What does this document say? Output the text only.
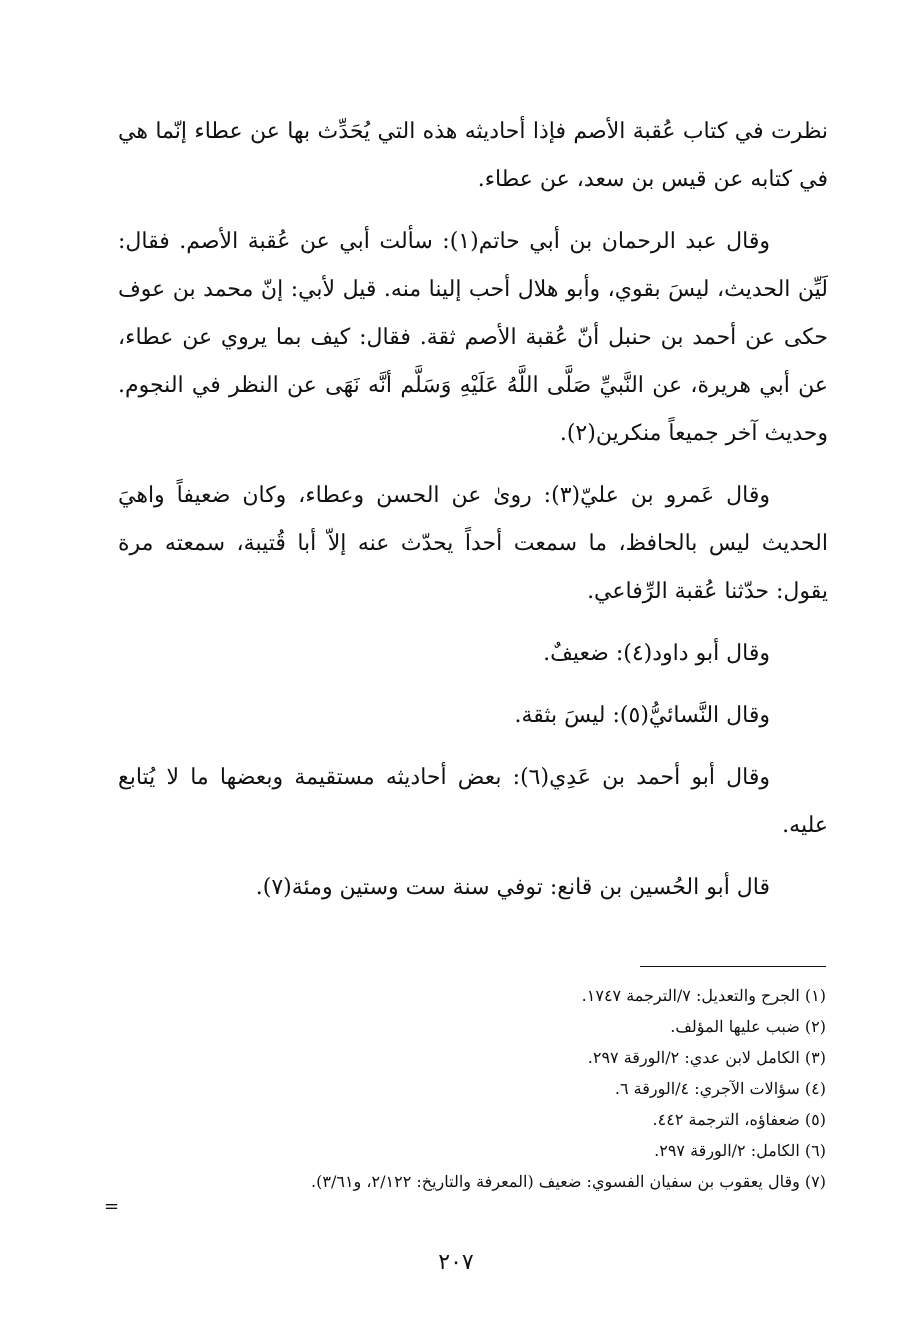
نظرت في كتاب عُقبة الأصم فإذا أحاديثه هذه التي يُحَدِّث بها عن عطاء إنّما هي في كتابه عن قيس بن سعد، عن عطاء.

وقال عبد الرحمان بن أبي حاتم(١): سألت أبي عن عُقبة الأصم. فقال: لَيِّن الحديث، ليسَ بقوي، وأبو هلال أحب إلينا منه. قيل لأبي: إنّ محمد بن عوف حكى عن أحمد بن حنبل أنّ عُقبة الأصم ثقة. فقال: كيف بما يروي عن عطاء، عن أبي هريرة، عن النَّبيِّ صَلَّى اللَّهُ عَلَيْهِ وَسَلَّم أنَّه نَهَى عن النظر في النجوم. وحديث آخر جميعاً منكرين(٢).

وقال عَمرو بن عليّ(٣): روىٰ عن الحسن وعطاء، وكان ضعيفاً واهيَ الحديث ليس بالحافظ، ما سمعت أحداً يحدّث عنه إلاّ أبا قُتيبة، سمعته مرة يقول: حدّثنا عُقبة الرِّفاعي.

وقال أبو داود(٤): ضعيفٌ.

وقال النَّسائيُّ(٥): ليسَ بثقة.

وقال أبو أحمد بن عَدِي(٦): بعض أحاديثه مستقيمة وبعضها ما لا يُتابع عليه.

قال أبو الحُسين بن قانع: توفي سنة ست وستين ومئة(٧).

(١) الجرح والتعديل: ٧/الترجمة ١٧٤٧.
(٢) ضبب عليها المؤلف.
(٣) الكامل لابن عدي: ٢/الورقة ٢٩٧.
(٤) سؤالات الآجري: ٤/الورقة ٦.
(٥) ضعفاؤه، الترجمة ٤٤٢.
(٦) الكامل: ٢/الورقة ٢٩٧.
(٧) وقال يعقوب بن سفيان الفسوي: ضعيف (المعرفة والتاريخ: ٢/١٢٢، و٣/٦١).
=
٢٠٧
